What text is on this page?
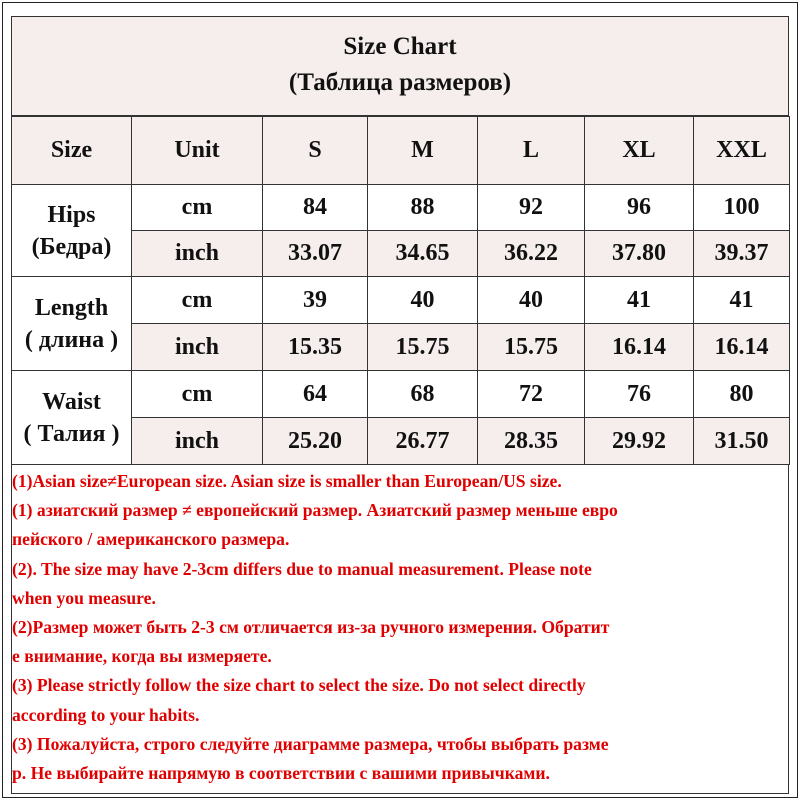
Size Chart
(Таблица размеров)
Size	Unit	S	M	L	XL	XXL

Hips
(Бедра)	cm	84	88	92	96	100
	inch	33.07	34.65	36.22	37.80	39.37

Length
( длина )	cm	39	40	40	41	41
	inch	15.35	15.75	15.75	16.14	16.14

Waist
( Талия )	cm	64	68	72	76	80
	inch	25.20	26.77	28.35	29.92	31.50
(1)Asian size≠European size. Asian size is smaller than European/US size.
(1) азиатский размер ≠ европейский размер. Азиатский размер меньше евро
пейского / американского размера.
(2). The size may have 2-3cm differs due to manual measurement. Please note
when you measure.
(2)Размер может быть 2-3 см отличается из-за ручного измерения. Обратит
е внимание, когда вы измеряете.
(3) Please strictly follow the size chart to select the size. Do not select directly
according to your habits.
(3) Пожалуйста, строго следуйте диаграмме размера, чтобы выбрать разме
р. Не выбирайте напрямую в соответствии с вашими привычками.
